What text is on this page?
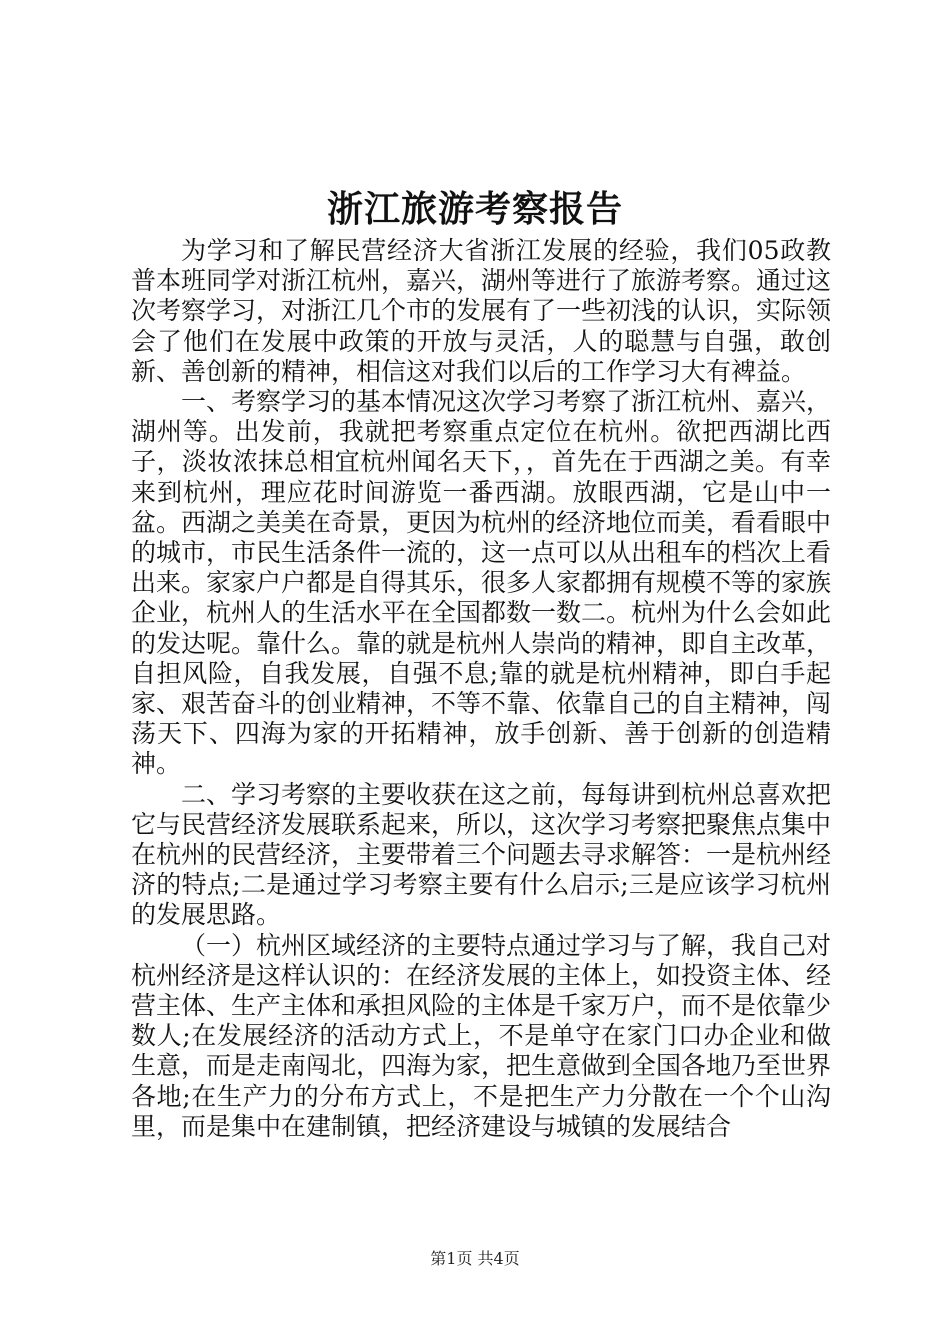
浙江旅游考察报告

为学习和了解民营经济大省浙江发展的经验，我们05政教普本班同学对浙江杭州，嘉兴，湖州等进行了旅游考察。通过这次考察学习，对浙江几个市的发展有了一些初浅的认识，实际领会了他们在发展中政策的开放与灵活，人的聪慧与自强，敢创新、善创新的精神，相信这对我们以后的工作学习大有裨益。

一、考察学习的基本情况这次学习考察了浙江杭州、嘉兴，湖州等。出发前，我就把考察重点定位在杭州。欲把西湖比西子，淡妆浓抹总相宜杭州闻名天下，，首先在于西湖之美。有幸来到杭州，理应花时间游览一番西湖。放眼西湖，它是山中一盆。西湖之美美在奇景，更因为杭州的经济地位而美，看看眼中的城市，市民生活条件一流的，这一点可以从出租车的档次上看出来。家家户户都是自得其乐，很多人家都拥有规模不等的家族企业，杭州人的生活水平在全国都数一数二。杭州为什么会如此的发达呢。靠什么。靠的就是杭州人崇尚的精神，即自主改革，自担风险，自我发展，自强不息;靠的就是杭州精神，即白手起家、艰苦奋斗的创业精神，不等不靠、依靠自己的自主精神，闯荡天下、四海为家的开拓精神，放手创新、善于创新的创造精神。

二、学习考察的主要收获在这之前，每每讲到杭州总喜欢把它与民营经济发展联系起来，所以，这次学习考察把聚焦点集中在杭州的民营经济，主要带着三个问题去寻求解答：一是杭州经济的特点;二是通过学习考察主要有什么启示;三是应该学习杭州的发展思路。

（一）杭州区域经济的主要特点通过学习与了解，我自己对杭州经济是这样认识的：在经济发展的主体上，如投资主体、经营主体、生产主体和承担风险的主体是千家万户，而不是依靠少数人;在发展经济的活动方式上，不是单守在家门口办企业和做生意，而是走南闯北，四海为家，把生意做到全国各地乃至世界各地;在生产力的分布方式上，不是把生产力分散在一个个山沟里，而是集中在建制镇，把经济建设与城镇的发展结合

第1页 共4页
